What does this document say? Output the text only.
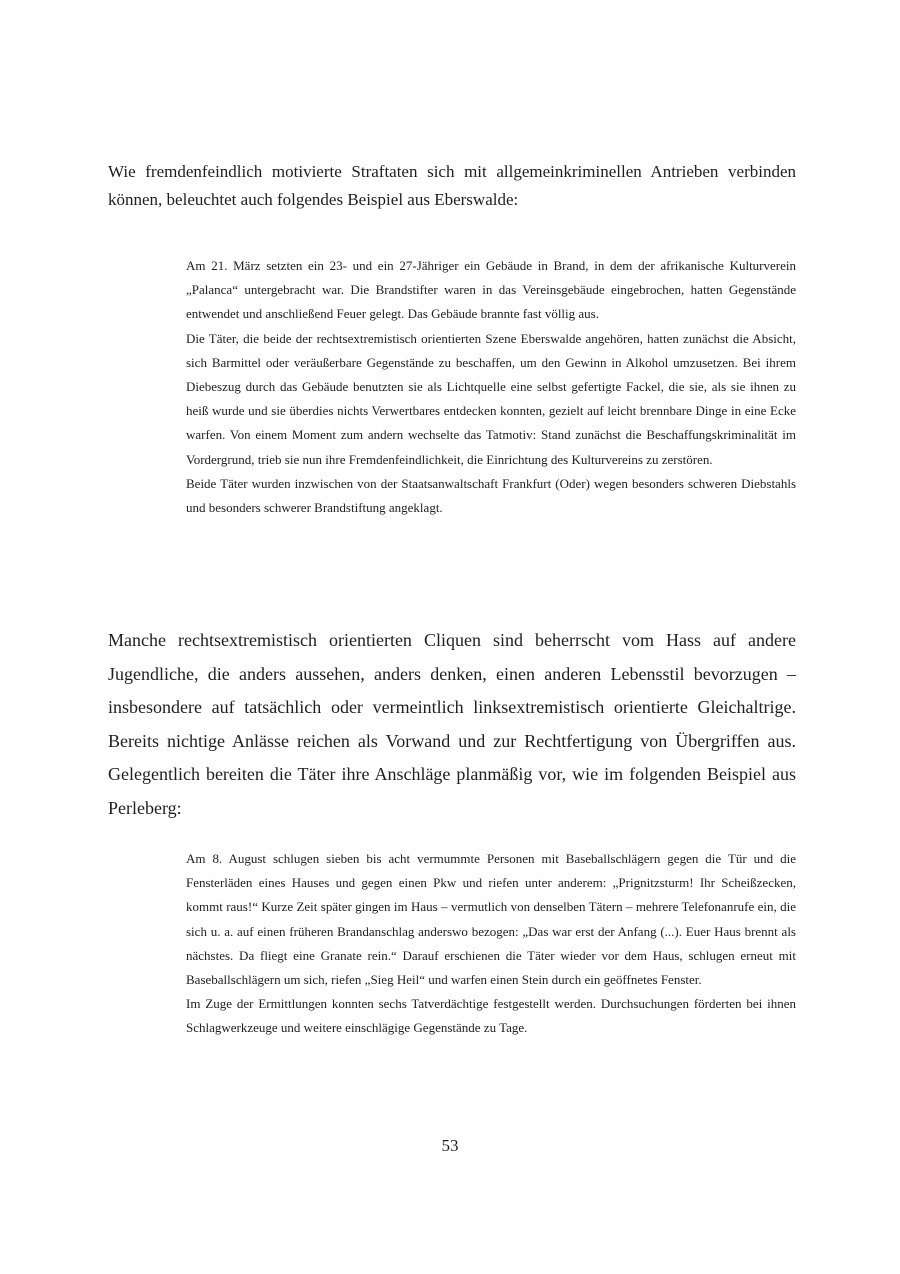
Wie fremdenfeindlich motivierte Straftaten sich mit allgemeinkriminellen Antrieben verbinden können, beleuchtet auch folgendes Beispiel aus Eberswalde:

Am 21. März setzten ein 23- und ein 27-Jähriger ein Gebäude in Brand, in dem der afrikanische Kulturverein „Palanca“ untergebracht war. Die Brandstifter waren in das Vereinsgebäude eingebrochen, hatten Gegenstände entwendet und anschließend Feuer gelegt. Das Gebäude brannte fast völlig aus.

Die Täter, die beide der rechtsextremistisch orientierten Szene Eberswalde angehören, hatten zunächst die Absicht, sich Barmittel oder veräußerbare Gegenstände zu beschaffen, um den Gewinn in Alkohol umzusetzen. Bei ihrem Diebeszug durch das Gebäude benutzten sie als Lichtquelle eine selbst gefertigte Fackel, die sie, als sie ihnen zu heiß wurde und sie überdies nichts Verwertbares entdecken konnten, gezielt auf leicht brennbare Dinge in eine Ecke warfen. Von einem Moment zum andern wechselte das Tatmotiv: Stand zunächst die Beschaffungskriminalität im Vordergrund, trieb sie nun ihre Fremdenfeindlichkeit, die Einrichtung des Kulturvereins zu zerstören.

Beide Täter wurden inzwischen von der Staatsanwaltschaft Frankfurt (Oder) wegen besonders schweren Diebstahls und besonders schwerer Brandstiftung angeklagt.

Manche rechtsextremistisch orientierten Cliquen sind beherrscht vom Hass auf andere Jugendliche, die anders aussehen, anders denken, einen anderen Lebensstil bevorzugen – insbesondere auf tatsächlich oder vermeintlich linksextremistisch orientierte Gleichaltrige. Bereits nichtige Anlässe reichen als Vorwand und zur Rechtfertigung von Übergriffen aus. Gelegentlich bereiten die Täter ihre Anschläge planmäßig vor, wie im folgenden Beispiel aus Perleberg:

Am 8. August schlugen sieben bis acht vermummte Personen mit Baseballschlägern gegen die Tür und die Fensterläden eines Hauses und gegen einen Pkw und riefen unter anderem: „Prignitzsturm! Ihr Scheißzecken, kommt raus!“ Kurze Zeit später gingen im Haus – vermutlich von denselben Tätern – mehrere Telefonanrufe ein, die sich u. a. auf einen früheren Brandanschlag anderswo bezogen: „Das war erst der Anfang (...). Euer Haus brennt als nächstes. Da fliegt eine Granate rein.“ Darauf erschienen die Täter wieder vor dem Haus, schlugen erneut mit Baseballschlägern um sich, riefen „Sieg Heil“ und warfen einen Stein durch ein geöffnetes Fenster.

Im Zuge der Ermittlungen konnten sechs Tatverdächtige festgestellt werden. Durchsuchungen förderten bei ihnen Schlagwerkzeuge und weitere einschlägige Gegenstände zu Tage.

53
